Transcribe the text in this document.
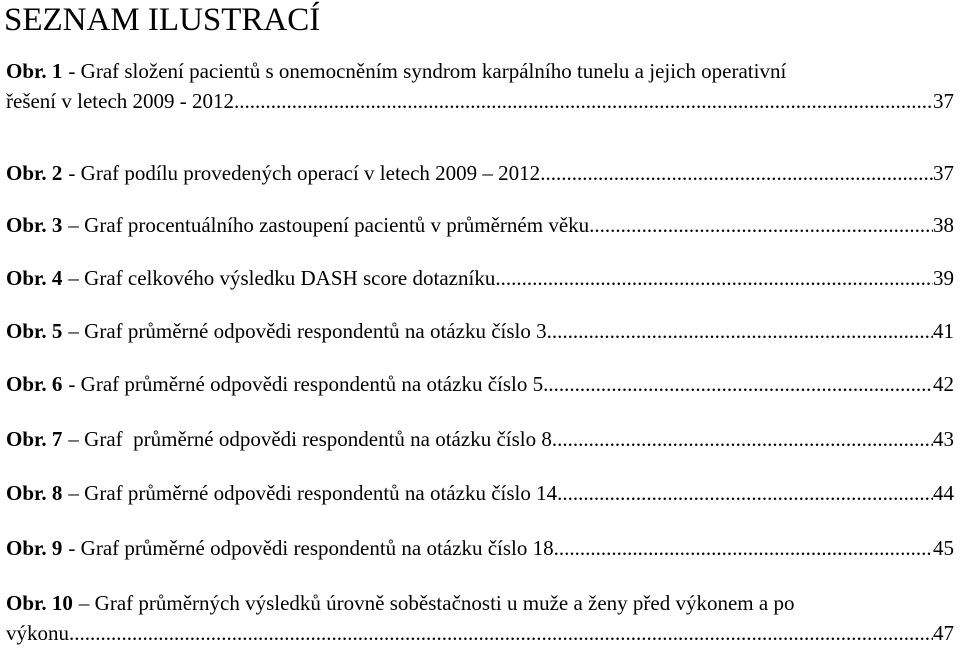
SEZNAM ILUSTRACÍ
Obr. 1 - Graf složení pacientů s onemocněním syndrom karpálního tunelu a jejich operativní
řešení v letech 2009 - 2012 .....	37
Obr. 2 - Graf podílu provedených operací v letech 2009 – 2012 .....	37
Obr. 3 – Graf procentuálního zastoupení pacientů v průměrném věku. .....	38
Obr. 4 – Graf celkového výsledku DASH score dotazníku .....	39
Obr. 5 – Graf průměrné odpovědi respondentů na otázku číslo 3 .....	41
Obr. 6 - Graf průměrné odpovědi respondentů na otázku číslo 5 .....	42
Obr. 7 – Graf  průměrné odpovědi respondentů na otázku číslo 8 .....	43
Obr. 8 – Graf průměrné odpovědi respondentů na otázku číslo 14 .....	44
Obr. 9 - Graf průměrné odpovědi respondentů na otázku číslo 18 .....	45
Obr. 10 – Graf průměrných výsledků úrovně soběstačnosti u muže a ženy před výkonem a po
výkonu .....	47
